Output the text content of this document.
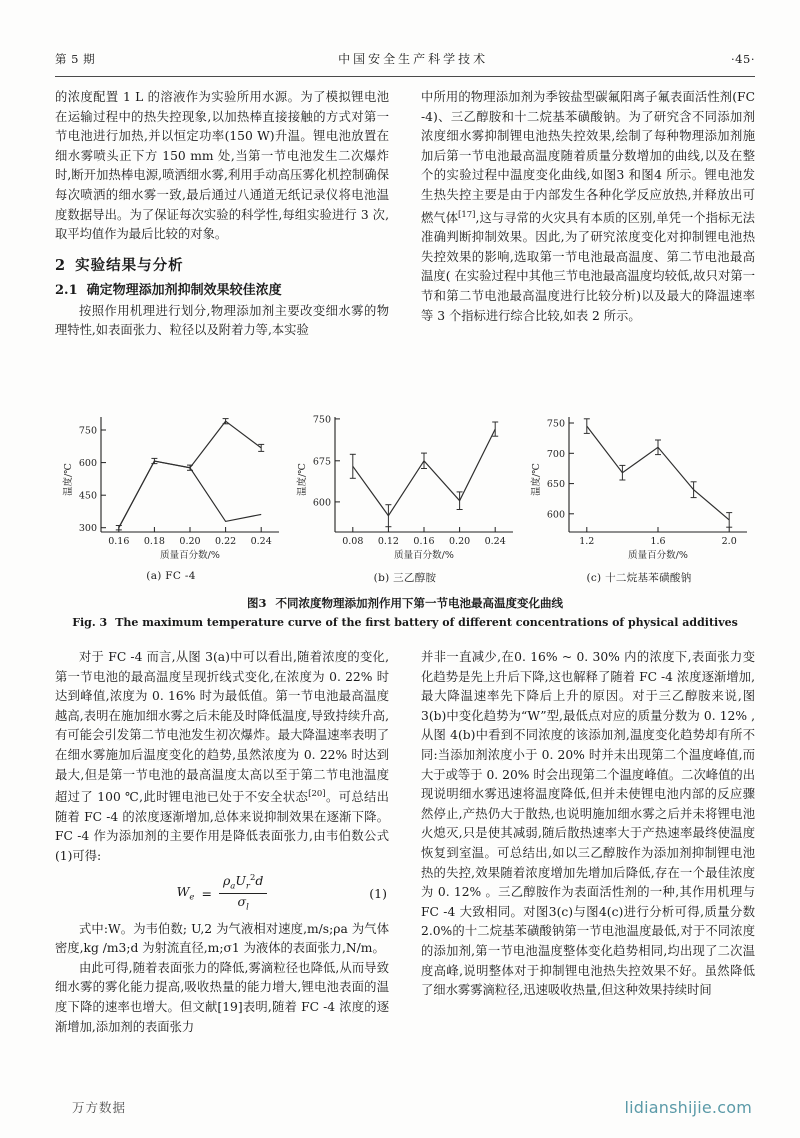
第 5 期	中国安全生产科学技术	·45·

的浓度配置 1 L 的溶液作为实验所用水源。为了模拟锂电池在运输过程中的热失控现象,以加热棒直接接触的方式对第一节电池进行加热,并以恒定功率(150 W)升温。锂电池放置在细水雾喷头正下方 150 mm 处,当第一节电池发生二次爆炸时,断开加热棒电源,喷洒细水雾,利用手动高压雾化机控制确保每次喷洒的细水雾一致,最后通过八通道无纸记录仪将电池温度数据导出。为了保证每次实验的科学性,每组实验进行 3 次,取平均值作为最后比较的对象。

2 实验结果与分析
2.1 确定物理添加剂抑制效果较佳浓度

按照作用机理进行划分,物理添加剂主要改变细水雾的物理特性,如表面张力、粒径以及附着力等,本实验

中所用的物理添加剂为季铵盐型碳氟阳离子氟表面活性剂(FC -4)、三乙醇胺和十二烷基苯磺酸钠。为了研究含不同添加剂浓度细水雾抑制锂电池热失控效果,绘制了每种物理添加剂施加后第一节电池最高温度随着质量分数增加的曲线,以及在整个的实验过程中温度变化曲线,如图3 和图4 所示。锂电池发生热失控主要是由于内部发生各种化学反应放热,并释放出可燃气体[17],这与寻常的火灾具有本质的区别,单凭一个指标无法准确判断抑制效果。因此,为了研究浓度变化对抑制锂电池热失控效果的影响,选取第一节电池最高温度、第二节电池最高温度( 在实验过程中其他三节电池最高温度均较低,故只对第一节和第二节电池最高温度进行比较分析)以及最大的降温速率等 3 个指标进行综合比较,如表 2 所示。

300
450
600
750
0.16 0.18 0.20 0.22 0.24
温度/℃
质量百分数/%
(a) FC -4
600
675
750
0.08 0.12 0.16 0.20 0.24
温度/℃
质量百分数/%
(b) 三乙醇胺
600
650
700
750
1.2	1.6	2.0
温度/℃
质量百分数/%
(c) 十二烷基苯磺酸钠
图3 不同浓度物理添加剂作用下第一节电池最高温度变化曲线
Fig. 3 The maximum temperature curve of the first battery of different concentrations of physical additives

对于 FC -4 而言,从图 3(a)中可以看出,随着浓度的变化,第一节电池的最高温度呈现折线式变化,在浓度为 0. 22% 时达到峰值,浓度为 0. 16% 时为最低值。第一节电池最高温度越高,表明在施加细水雾之后未能及时降低温度,导致持续升高,有可能会引发第二节电池发生初次爆炸。最大降温速率表明了在细水雾施加后温度变化的趋势,虽然浓度为 0. 22% 时达到最大,但是第一节电池的最高温度太高以至于第二节电池温度超过了 100 ℃,此时锂电池已处于不安全状态[20]。可总结出随着 FC -4 的浓度逐渐增加,总体来说抑制效果在逐渐下降。FC -4 作为添加剂的主要作用是降低表面张力,由韦伯数公式(1)可得:

$W_e = \frac{\rho_aU_r^2d}{\sigma_l}$	(1)

式中:W。为韦伯数; U,2 为气液相对速度,m/s;ρa 为气体密度,kg /m3;d 为射流直径,m;σ1 为液体的表面张力,N/m。

由此可得,随着表面张力的降低,雾滴粒径也降低,从而导致细水雾的雾化能力提高,吸收热量的能力增大,锂电池表面的温度下降的速率也增大。但文献[19]表明,随着 FC -4 浓度的逐渐增加,添加剂的表面张力

并非一直减少,在0. 16% ~ 0. 30% 内的浓度下,表面张力变化趋势是先上升后下降,这也解释了随着 FC -4 浓度逐渐增加,最大降温速率先下降后上升的原因。对于三乙醇胺来说,图3(b)中变化趋势为“W”型,最低点对应的质量分数为 0. 12% ,从图 4(b)中看到不同浓度的该添加剂,温度变化趋势却有所不同:当添加剂浓度小于 0. 20% 时并未出现第二个温度峰值,而大于或等于 0. 20% 时会出现第二个温度峰值。二次峰值的出现说明细水雾迅速将温度降低,但并未使锂电池内部的反应骤然停止,产热仍大于散热,也说明施加细水雾之后并未将锂电池火熄灭,只是使其减弱,随后散热速率大于产热速率最终使温度恢复到室温。可总结出,如以三乙醇胺作为添加剂抑制锂电池热的失控,效果随着浓度增加先增加后降低,存在一个最佳浓度为 0. 12% 。三乙醇胺作为表面活性剂的一种,其作用机理与 FC -4 大致相同。对图3(c)与图4(c)进行分析可得,质量分数2.0%的十二烷基苯磺酸钠第一节电池温度最低,对于不同浓度的添加剂,第一节电池温度整体变化趋势相同,均出现了二次温度高峰,说明整体对于抑制锂电池热失控效果不好。虽然降低了细水雾雾滴粒径,迅速吸收热量,但这种效果持续时间

万方数据	lidianshijie.com
